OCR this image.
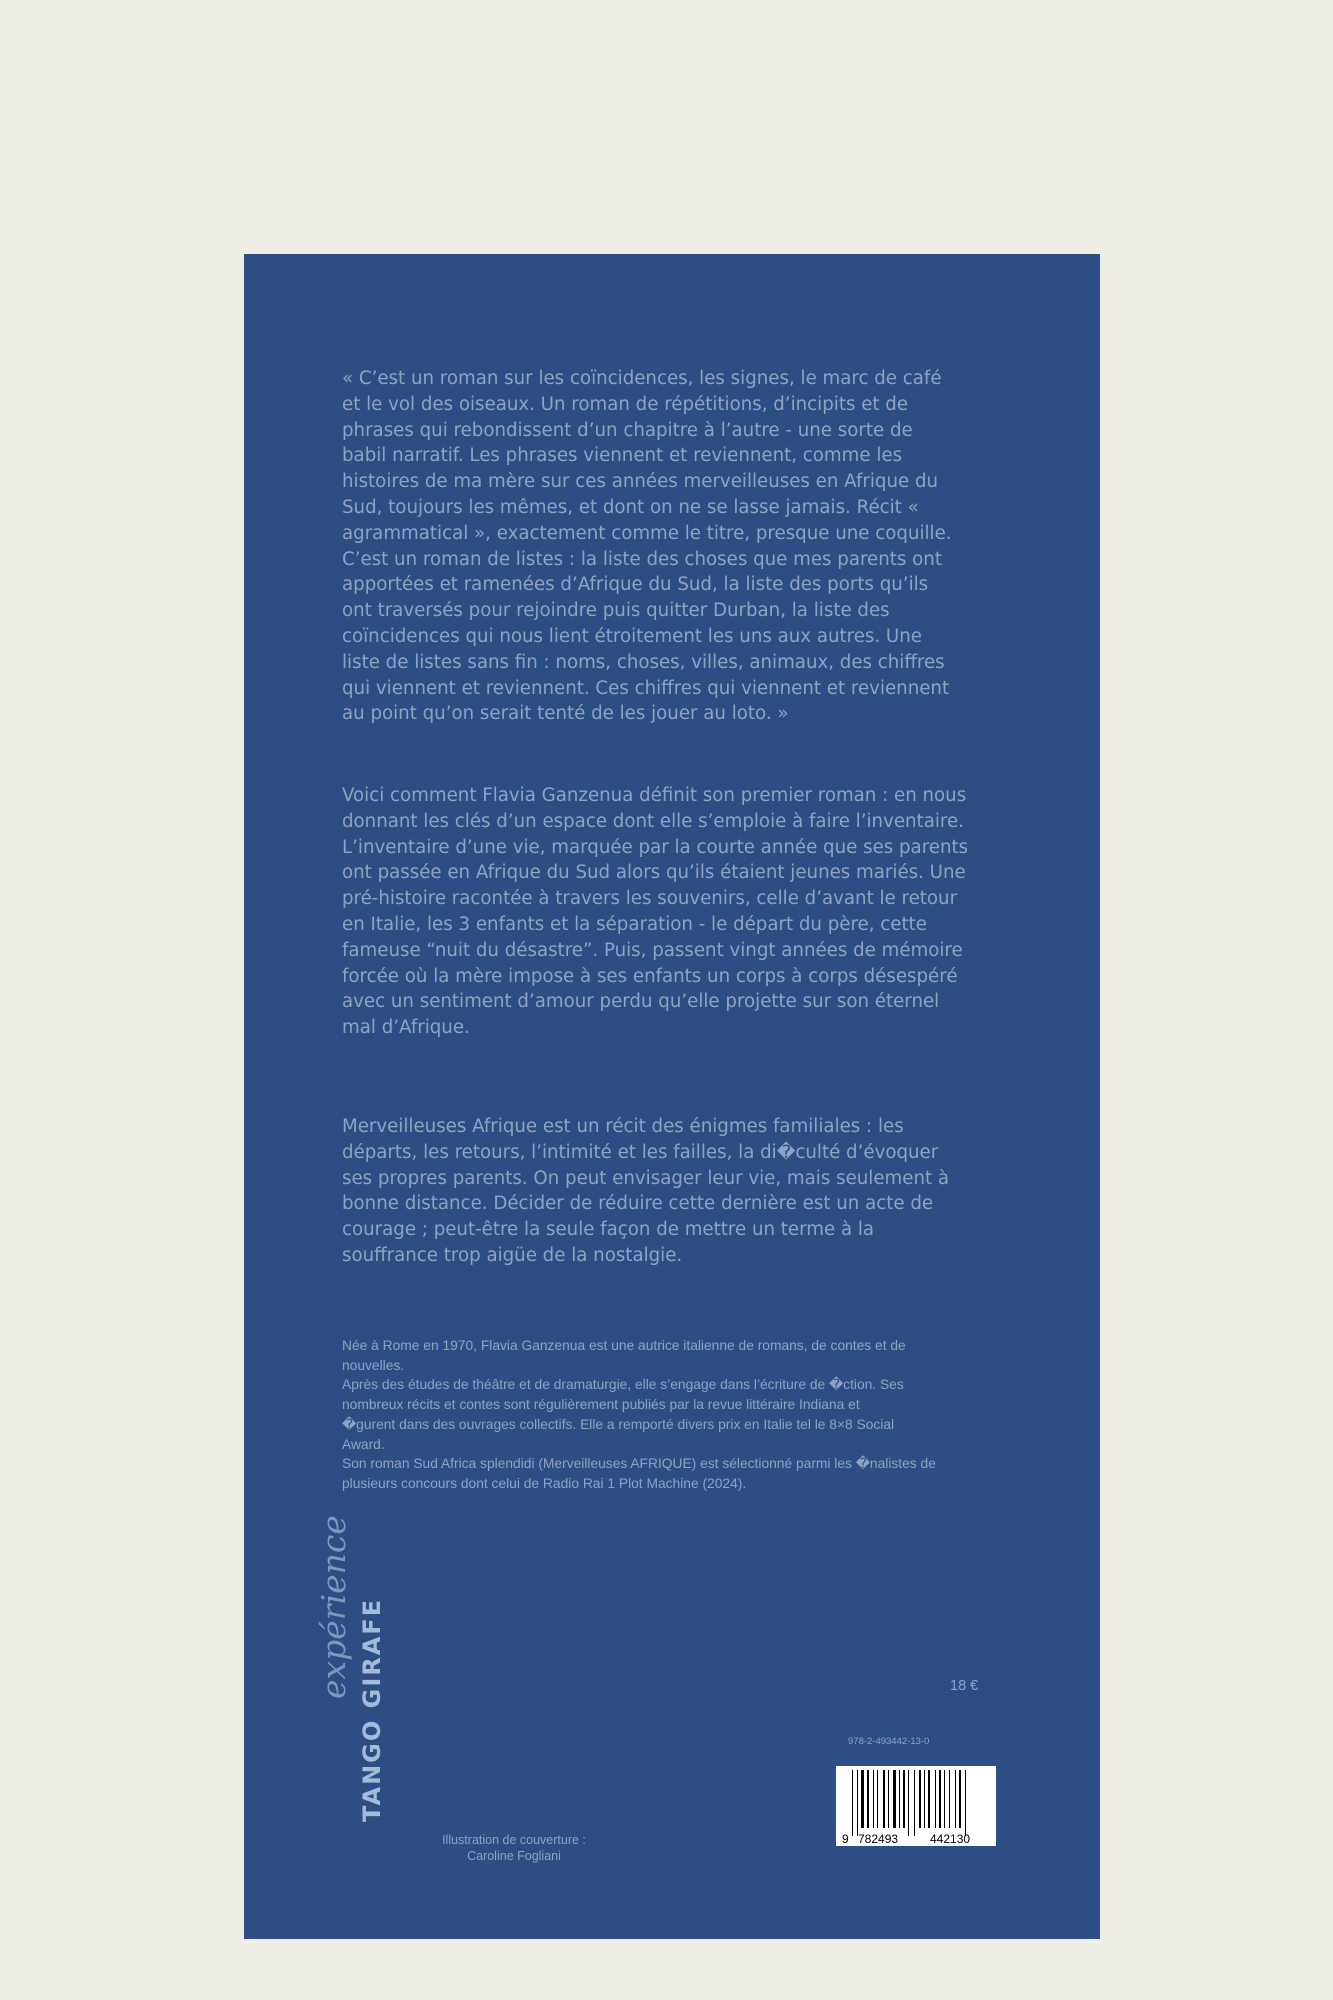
« C’est un roman sur les coïncidences, les signes, le marc de café
et le vol des oiseaux. Un roman de répétitions, d’incipits et de
phrases qui rebondissent d’un chapitre à l’autre - une sorte de
babil narratif. Les phrases viennent et reviennent, comme les
histoires de ma mère sur ces années merveilleuses en Afrique du
Sud, toujours les mêmes, et dont on ne se lasse jamais. Récit «
agrammatical », exactement comme le titre, presque une coquille.
C’est un roman de listes : la liste des choses que mes parents ont
apportées et ramenées d’Afrique du Sud, la liste des ports qu’ils
ont traversés pour rejoindre puis quitter Durban, la liste des
coïncidences qui nous lient étroitement les uns aux autres. Une
liste de listes sans fin : noms, choses, villes, animaux, des chiffres
qui viennent et reviennent. Ces chiffres qui viennent et reviennent
au point qu’on serait tenté de les jouer au loto. »

Voici comment Flavia Ganzenua définit son premier roman : en nous
donnant les clés d’un espace dont elle s’emploie à faire l’inventaire.
L’inventaire d’une vie, marquée par la courte année que ses parents
ont passée en Afrique du Sud alors qu’ils étaient jeunes mariés. Une
pré-histoire racontée à travers les souvenirs, celle d’avant le retour
en Italie, les 3 enfants et la séparation - le départ du père, cette
fameuse “nuit du désastre”. Puis, passent vingt années de mémoire
forcée où la mère impose à ses enfants un corps à corps désespéré
avec un sentiment d’amour perdu qu’elle projette sur son éternel
mal d’Afrique.

Merveilleuses Afrique est un récit des énigmes familiales : les
départs, les retours, l’intimité et les failles, la di�culté d’évoquer
ses propres parents. On peut envisager leur vie, mais seulement à
bonne distance. Décider de réduire cette dernière est un acte de
courage ; peut-être la seule façon de mettre un terme à la
souffrance trop aigüe de la nostalgie.

Née à Rome en 1970, Flavia Ganzenua est une autrice italienne de romans, de contes et de
nouvelles.
Après des études de théâtre et de dramaturgie, elle s’engage dans l’écriture de �ction. Ses
nombreux récits et contes sont régulièrement publiés par la revue littéraire Indiana et
�gurent dans des ouvrages collectifs. Elle a remporté divers prix en Italie tel le 8×8 Social
Award.
Son roman Sud Africa splendidi (Merveilleuses AFRIQUE) est sélectionné parmi les �nalistes de
plusieurs concours dont celui de Radio Rai 1 Plot Machine (2024).

expérience TANGO GIRAFE
Illustration de couverture :
Caroline Fogliani
18 €
978-2-493442-13-0
9 782493	442130
